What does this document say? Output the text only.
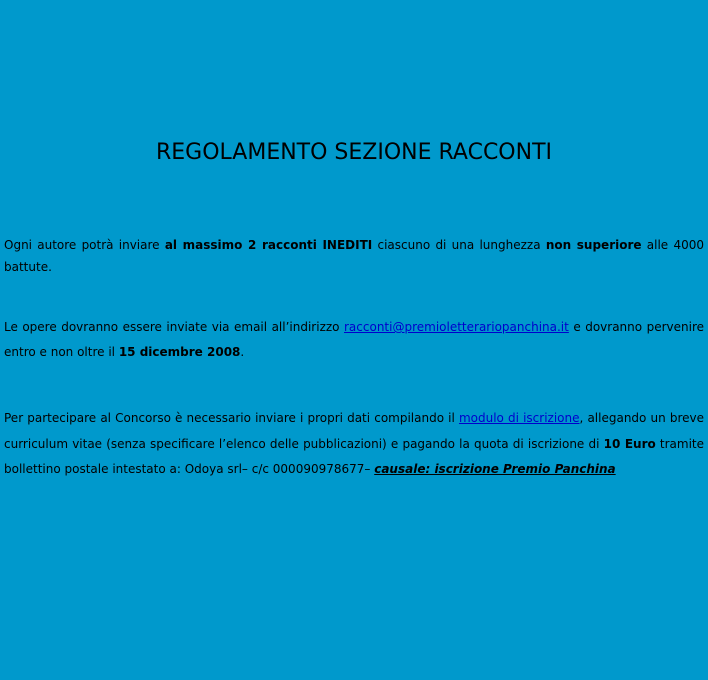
REGOLAMENTO SEZIONE RACCONTI

Ogni autore potrà inviare al massimo 2 racconti INEDITI ciascuno di una lunghezza non superiore alle 4000 battute.

Le opere dovranno essere inviate via email all’indirizzo racconti@premioletterariopanchina.it e dovranno pervenire entro e non oltre il 15 dicembre 2008.

Per partecipare al Concorso è necessario inviare i propri dati compilando il modulo di iscrizione, allegando un breve curriculum vitae (senza specificare l’elenco delle pubblicazioni) e pagando la quota di iscrizione di 10 Euro tramite bollettino postale intestato a: Odoya srl– c/c 000090978677– causale: iscrizione Premio Panchina
